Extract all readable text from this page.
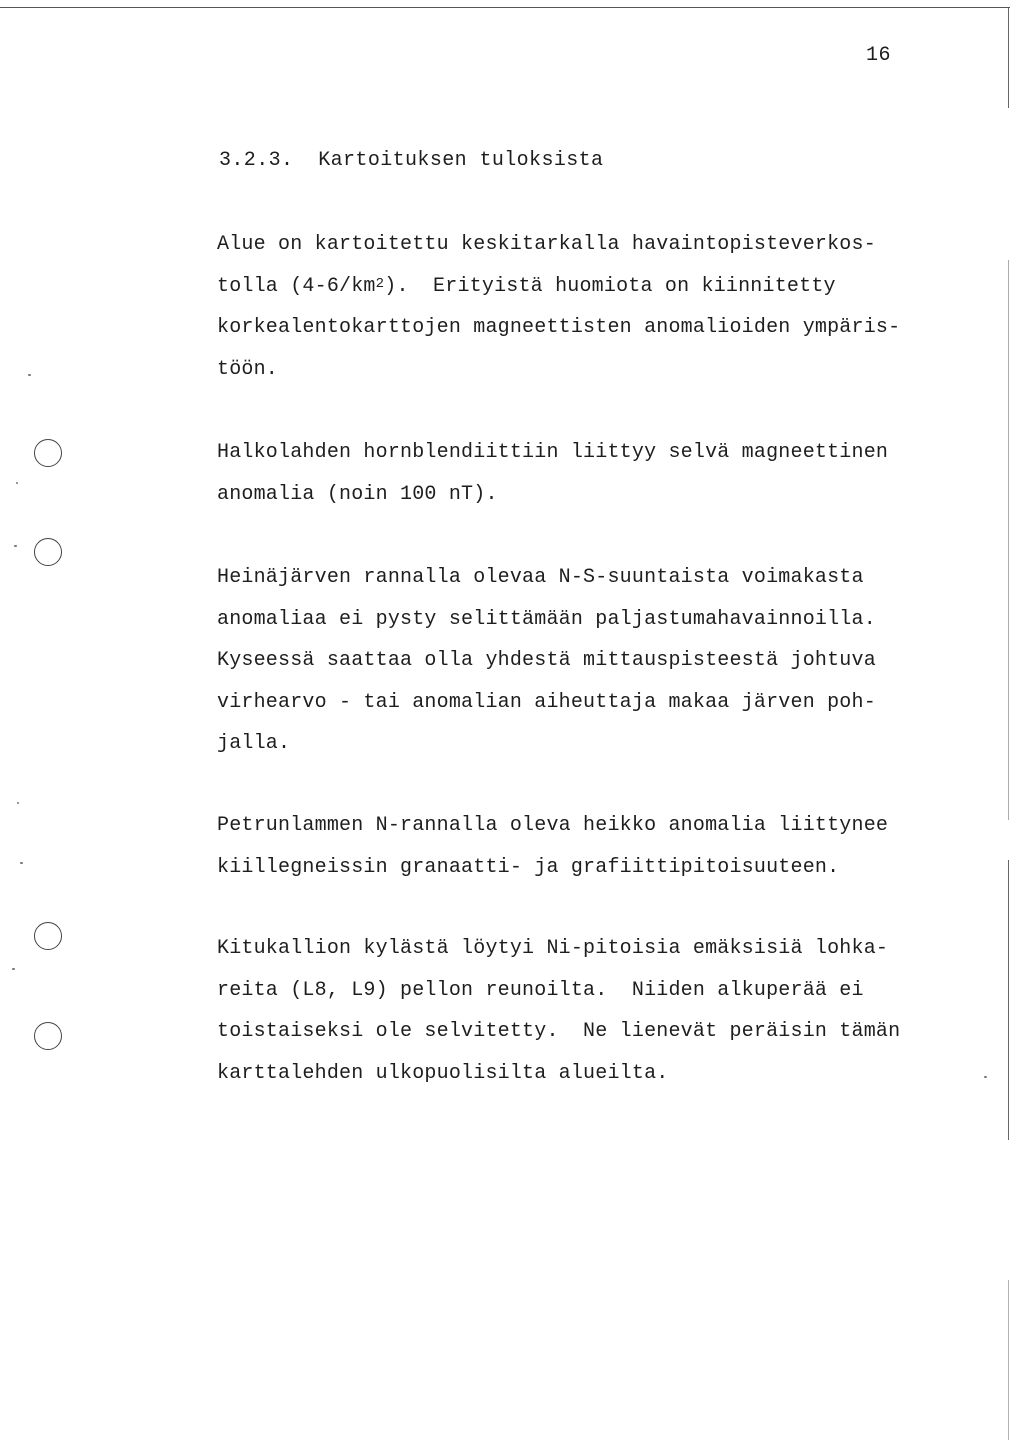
16
3.2.3.  Kartoituksen tuloksista
Alue on kartoitettu keskitarkalla havaintopisteverkos-
tolla $(4-6/km^2)$.  Erityistä huomiota on kiinnitetty
korkealentokarttojen magneettisten anomalioiden ympäris-
töön.
Halkolahden hornblendiittiin liittyy selvä magneettinen
anomalia (noin 100 nT).
Heinäjärven rannalla olevaa N-S-suuntaista voimakasta
anomaliaa ei pysty selittämään paljastumahavainnoilla.
Kyseessä saattaa olla yhdestä mittauspisteestä johtuva
virhearvo - tai anomalian aiheuttaja makaa järven poh-
jalla.
Petrunlammen N-rannalla oleva heikko anomalia liittynee
kiillegneissin granaatti- ja grafiittipitoisuuteen.
Kitukallion kylästä löytyi Ni-pitoisia emäksisiä lohka-
reita (L8, L9) pellon reunoilta.  Niiden alkuperää ei
toistaiseksi ole selvitetty.  Ne lienevät peräisin tämän
karttalehden ulkopuolisilta alueilta.
